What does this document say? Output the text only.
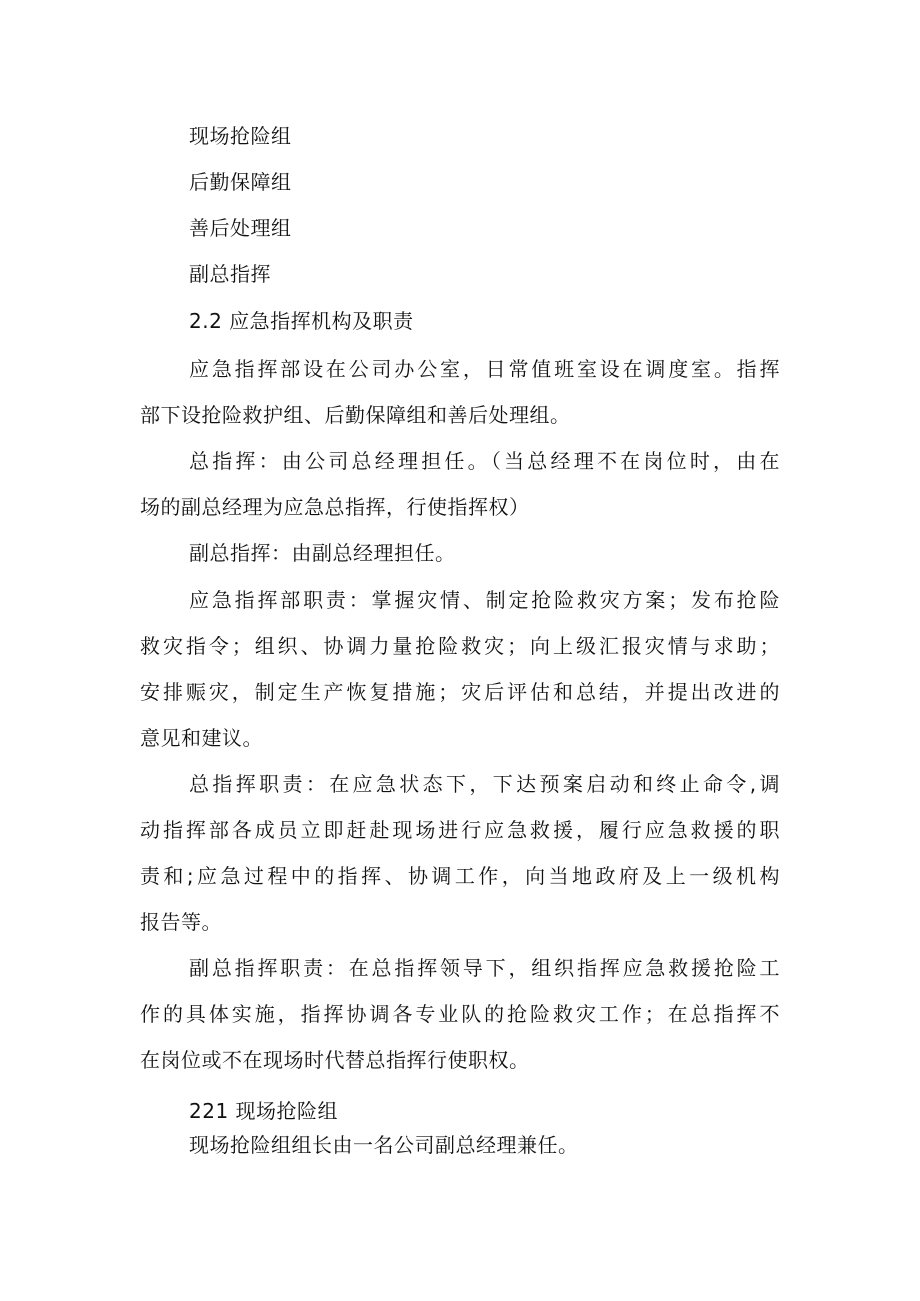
现场抢险组
后勤保障组
善后处理组
副总指挥
2.2 应急指挥机构及职责
应急指挥部设在公司办公室，日常值班室设在调度室。指挥
部下设抢险救护组、后勤保障组和善后处理组。
总指挥：由公司总经理担任。（当总经理不在岗位时，由在
场的副总经理为应急总指挥，行使指挥权）
副总指挥：由副总经理担任。
应急指挥部职责：掌握灾情、制定抢险救灾方案；发布抢险
救灾指令；组织、协调力量抢险救灾；向上级汇报灾情与求助；
安排赈灾，制定生产恢复措施；灾后评估和总结，并提出改进的
意见和建议。
总指挥职责：在应急状态下，下达预案启动和终止命令,调
动指挥部各成员立即赶赴现场进行应急救援，履行应急救援的职
责和;应急过程中的指挥、协调工作，向当地政府及上一级机构
报告等。
副总指挥职责：在总指挥领导下，组织指挥应急救援抢险工
作的具体实施，指挥协调各专业队的抢险救灾工作；在总指挥不
在岗位或不在现场时代替总指挥行使职权。
221 现场抢险组
现场抢险组组长由一名公司副总经理兼任。
